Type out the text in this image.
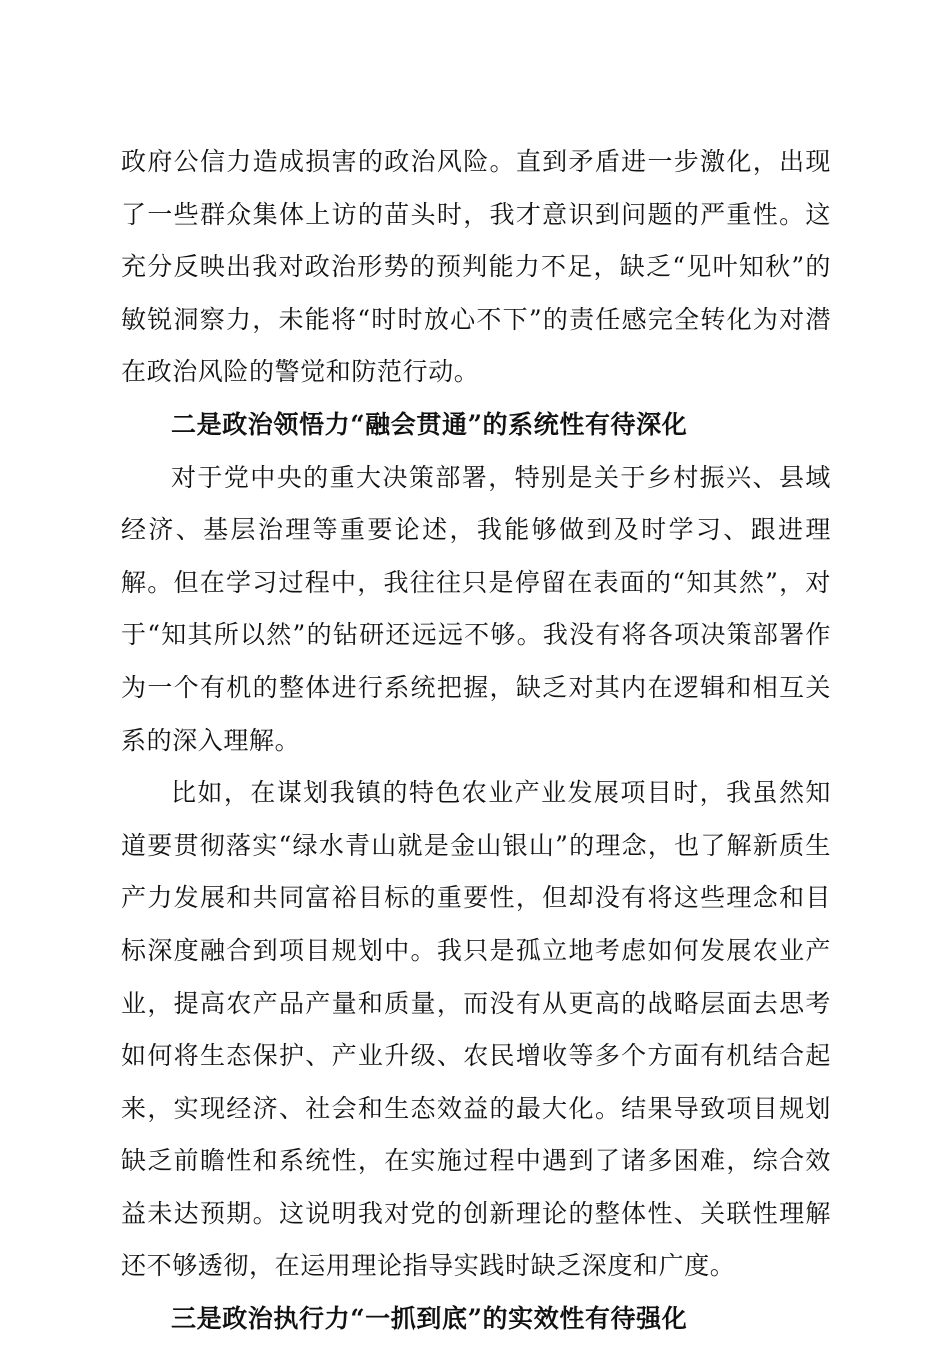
政府公信力造成损害的政治风险。直到矛盾进一步激化，出现了一些群众集体上访的苗头时，我才意识到问题的严重性。这充分反映出我对政治形势的预判能力不足，缺乏“见叶知秋”的敏锐洞察力，未能将“时时放心不下”的责任感完全转化为对潜在政治风险的警觉和防范行动。

二是政治领悟力“融会贯通”的系统性有待深化

对于党中央的重大决策部署，特别是关于乡村振兴、县域经济、基层治理等重要论述，我能够做到及时学习、跟进理解。但在学习过程中，我往往只是停留在表面的“知其然”，对于“知其所以然”的钻研还远远不够。我没有将各项决策部署作为一个有机的整体进行系统把握，缺乏对其内在逻辑和相互关系的深入理解。

比如，在谋划我镇的特色农业产业发展项目时，我虽然知道要贯彻落实“绿水青山就是金山银山”的理念，也了解新质生产力发展和共同富裕目标的重要性，但却没有将这些理念和目标深度融合到项目规划中。我只是孤立地考虑如何发展农业产业，提高农产品产量和质量，而没有从更高的战略层面去思考如何将生态保护、产业升级、农民增收等多个方面有机结合起来，实现经济、社会和生态效益的最大化。结果导致项目规划缺乏前瞻性和系统性，在实施过程中遇到了诸多困难，综合效益未达预期。这说明我对党的创新理论的整体性、关联性理解还不够透彻，在运用理论指导实践时缺乏深度和广度。

三是政治执行力“一抓到底”的实效性有待强化
